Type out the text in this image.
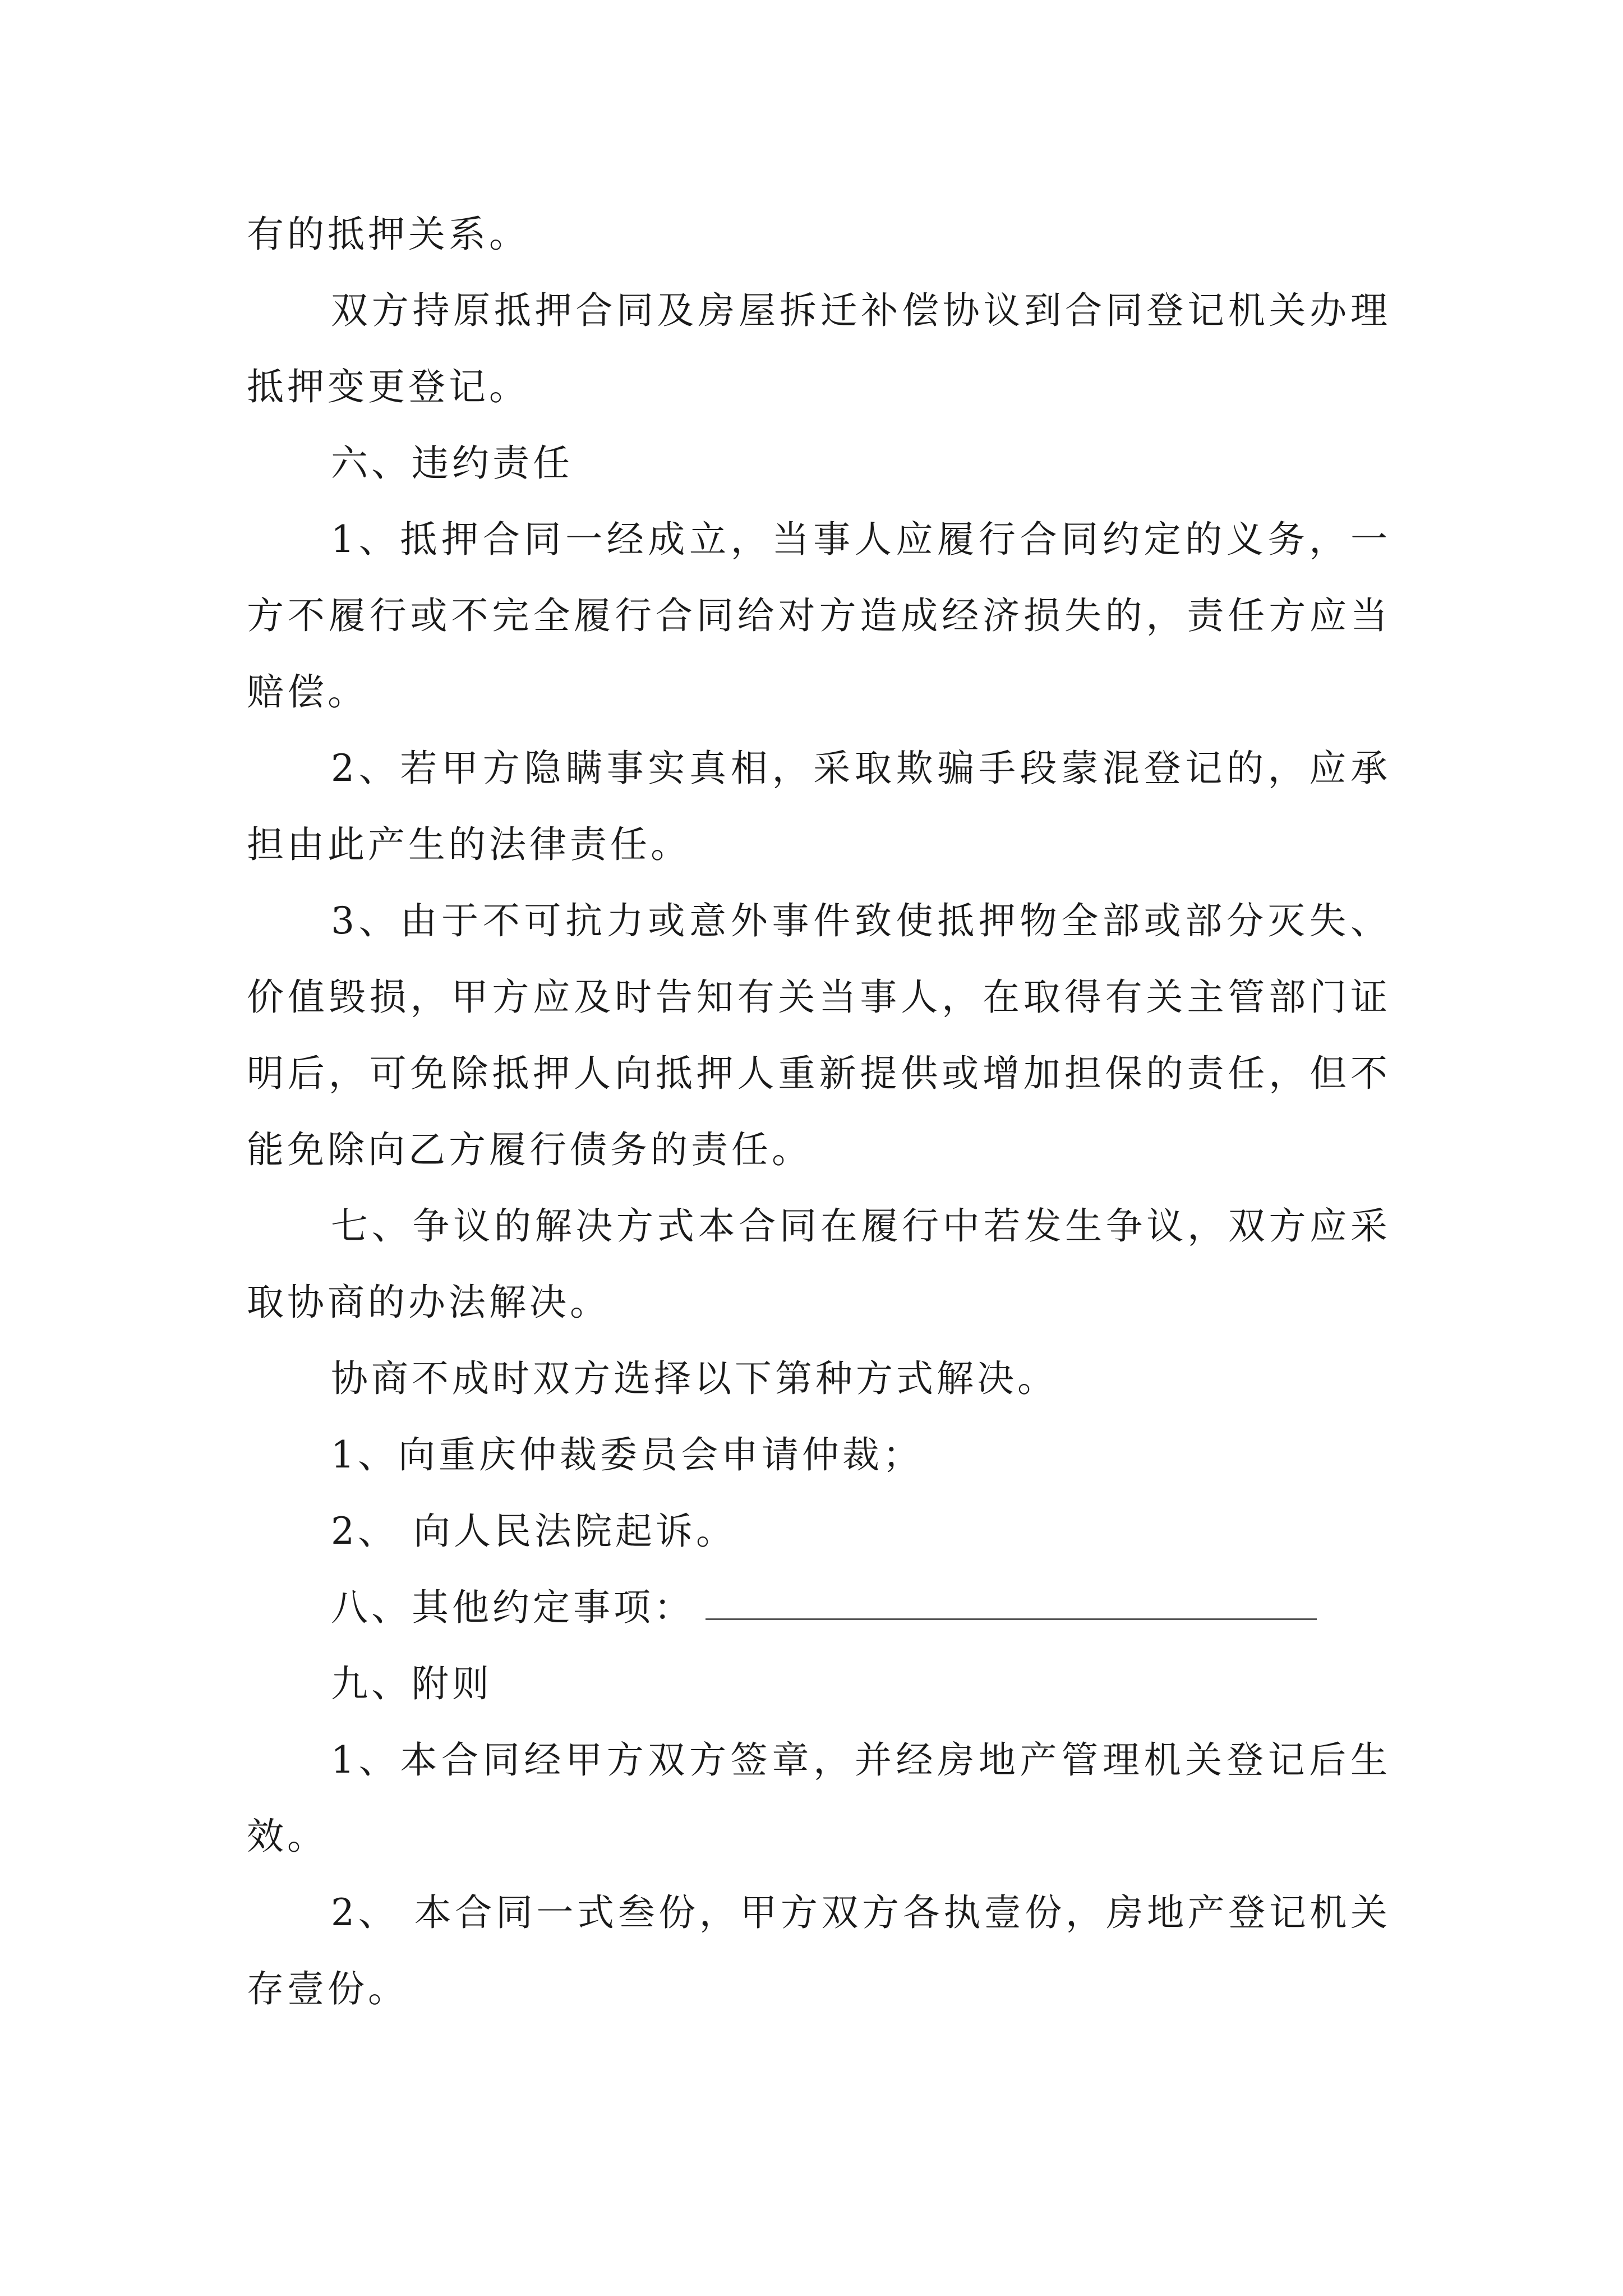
有的抵押关系。

双方持原抵押合同及房屋拆迁补偿协议到合同登记机关办理抵押变更登记。

六、违约责任

1、抵押合同一经成立，当事人应履行合同约定的义务，一方不履行或不完全履行合同给对方造成经济损失的，责任方应当赔偿。

2、若甲方隐瞒事实真相，采取欺骗手段蒙混登记的，应承担由此产生的法律责任。

3、由于不可抗力或意外事件致使抵押物全部或部分灭失、价值毁损，甲方应及时告知有关当事人，在取得有关主管部门证明后，可免除抵押人向抵押人重新提供或增加担保的责任，但不能免除向乙方履行债务的责任。

七、争议的解决方式本合同在履行中若发生争议，双方应采取协商的办法解决。

协商不成时双方选择以下第种方式解决。

1、向重庆仲裁委员会申请仲裁；

2、 向人民法院起诉。

八、其他约定事项：

九、附则

1、本合同经甲方双方签章，并经房地产管理机关登记后生效。

2、 本合同一式叁份，甲方双方各执壹份，房地产登记机关存壹份。
